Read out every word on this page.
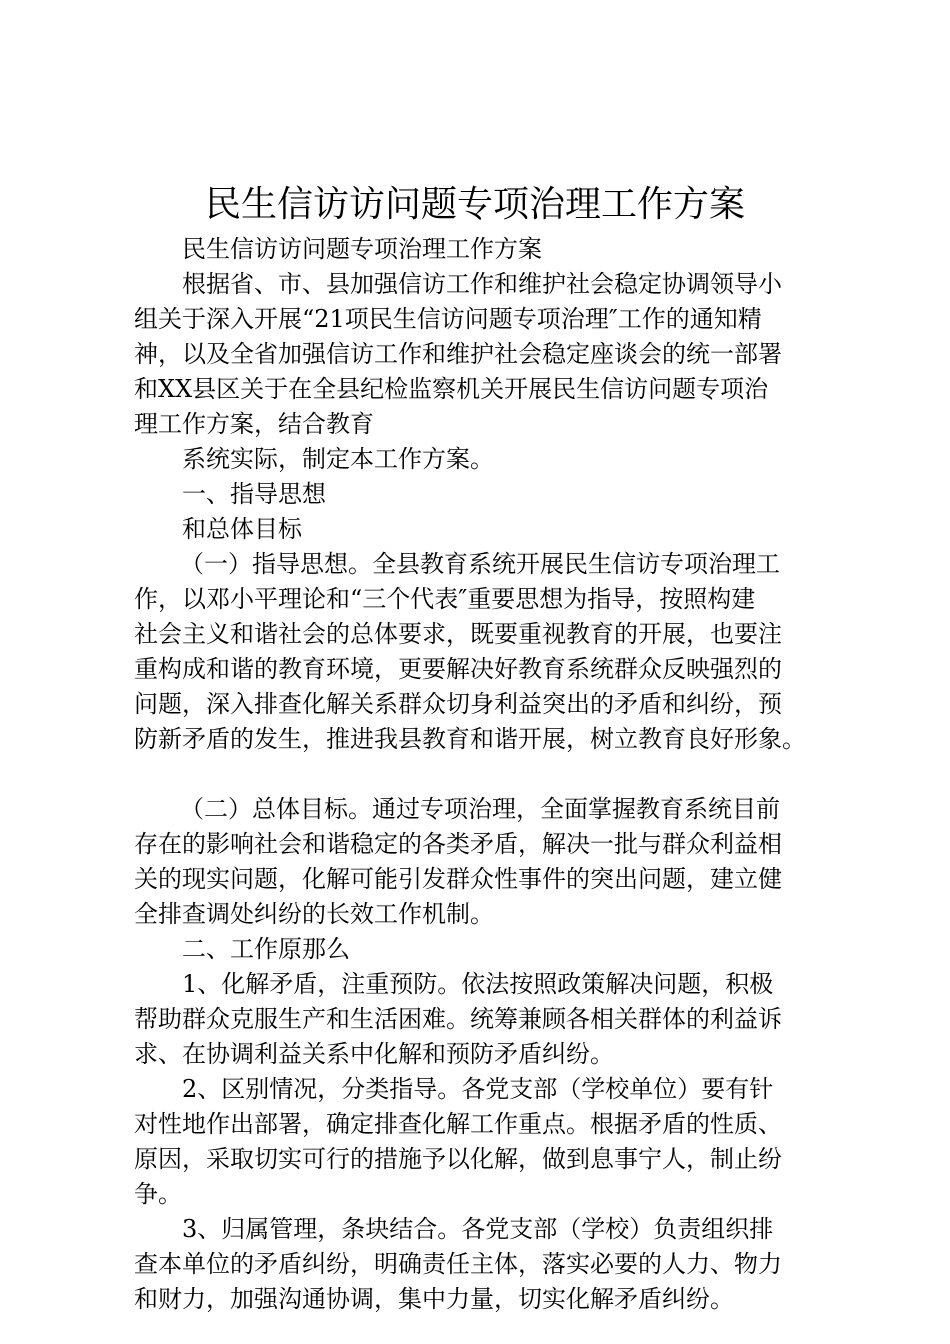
民生信访访问题专项治理工作方案
民生信访访问题专项治理工作方案
根据省、市、县加强信访工作和维护社会稳定协调领导小
组关于深入开展“21项民生信访问题专项治理″工作的通知精
神，以及全省加强信访工作和维护社会稳定座谈会的统一部署
和XX县区关于在全县纪检监察机关开展民生信访问题专项治
理工作方案，结合教育
系统实际，制定本工作方案。
一、指导思想
和总体目标
（一）指导思想。全县教育系统开展民生信访专项治理工
作，以邓小平理论和“三个代表″重要思想为指导，按照构建
社会主义和谐社会的总体要求，既要重视教育的开展，也要注
重构成和谐的教育环境，更要解决好教育系统群众反映强烈的
问题，深入排查化解关系群众切身利益突出的矛盾和纠纷，预
防新矛盾的发生，推进我县教育和谐开展，树立教育良好形象。
（二）总体目标。通过专项治理，全面掌握教育系统目前
存在的影响社会和谐稳定的各类矛盾，解决一批与群众利益相
关的现实问题，化解可能引发群众性事件的突出问题，建立健
全排查调处纠纷的长效工作机制。
二、工作原那么
1、化解矛盾，注重预防。依法按照政策解决问题，积极
帮助群众克服生产和生活困难。统筹兼顾各相关群体的利益诉
求、在协调利益关系中化解和预防矛盾纠纷。
2、区别情况，分类指导。各党支部（学校单位）要有针
对性地作出部署，确定排查化解工作重点。根据矛盾的性质、
原因，采取切实可行的措施予以化解，做到息事宁人，制止纷
争。
3、归属管理，条块结合。各党支部（学校）负责组织排
查本单位的矛盾纠纷，明确责任主体，落实必要的人力、物力
和财力，加强沟通协调，集中力量，切实化解矛盾纠纷。
